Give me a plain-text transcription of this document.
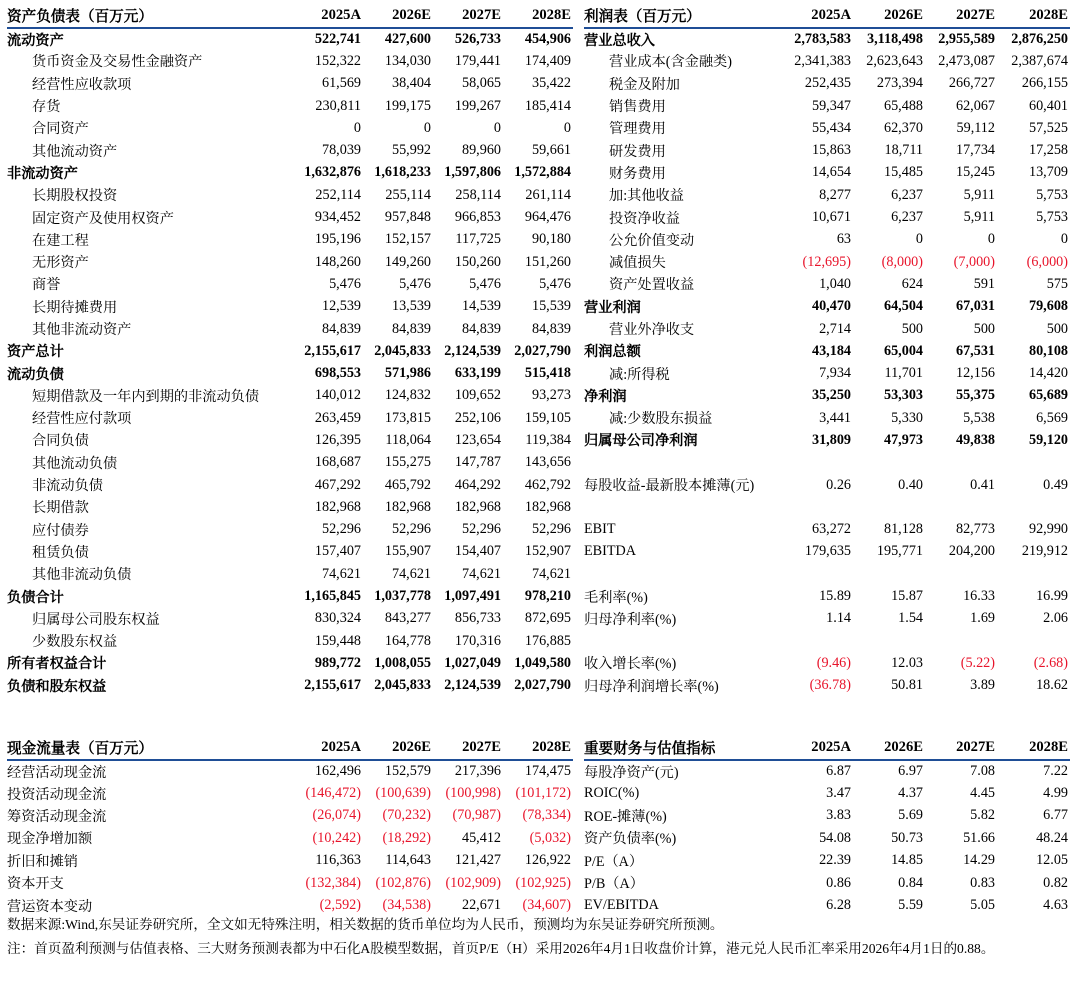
资产负债表（百万元）	2025A	2026E	2027E	2028E
流动资产	522,741	427,600	526,733	454,906
货币资金及交易性金融资产	152,322	134,030	179,441	174,409
经营性应收款项	61,569	38,404	58,065	35,422
存货	230,811	199,175	199,267	185,414
合同资产	0	0	0	0
其他流动资产	78,039	55,992	89,960	59,661
非流动资产	1,632,876	1,618,233	1,597,806	1,572,884
长期股权投资	252,114	255,114	258,114	261,114
固定资产及使用权资产	934,452	957,848	966,853	964,476
在建工程	195,196	152,157	117,725	90,180
无形资产	148,260	149,260	150,260	151,260
商誉	5,476	5,476	5,476	5,476
长期待摊费用	12,539	13,539	14,539	15,539
其他非流动资产	84,839	84,839	84,839	84,839
资产总计	2,155,617	2,045,833	2,124,539	2,027,790
流动负债	698,553	571,986	633,199	515,418
短期借款及一年内到期的非流动负债	140,012	124,832	109,652	93,273
经营性应付款项	263,459	173,815	252,106	159,105
合同负债	126,395	118,064	123,654	119,384
其他流动负债	168,687	155,275	147,787	143,656
非流动负债	467,292	465,792	464,292	462,792
长期借款	182,968	182,968	182,968	182,968
应付债券	52,296	52,296	52,296	52,296
租赁负债	157,407	155,907	154,407	152,907
其他非流动负债	74,621	74,621	74,621	74,621
负债合计	1,165,845	1,037,778	1,097,491	978,210
归属母公司股东权益	830,324	843,277	856,733	872,695
少数股东权益	159,448	164,778	170,316	176,885
所有者权益合计	989,772	1,008,055	1,027,049	1,049,580
负债和股东权益	2,155,617	2,045,833	2,124,539	2,027,790
利润表（百万元）	2025A	2026E	2027E	2028E
营业总收入	2,783,583	3,118,498	2,955,589	2,876,250
营业成本(含金融类)	2,341,383	2,623,643	2,473,087	2,387,674
税金及附加	252,435	273,394	266,727	266,155
销售费用	59,347	65,488	62,067	60,401
管理费用	55,434	62,370	59,112	57,525
研发费用	15,863	18,711	17,734	17,258
财务费用	14,654	15,485	15,245	13,709
加:其他收益	8,277	6,237	5,911	5,753
投资净收益	10,671	6,237	5,911	5,753
公允价值变动	63	0	0	0
减值损失	(12,695)	(8,000)	(7,000)	(6,000)
资产处置收益	1,040	624	591	575
营业利润	40,470	64,504	67,031	79,608
营业外净收支	2,714	500	500	500
利润总额	43,184	65,004	67,531	80,108
减:所得税	7,934	11,701	12,156	14,420
净利润	35,250	53,303	55,375	65,689
减:少数股东损益	3,441	5,330	5,538	6,569
归属母公司净利润	31,809	47,973	49,838	59,120

每股收益-最新股本摊薄(元)	0.26	0.40	0.41	0.49

EBIT	63,272	81,128	82,773	92,990
EBITDA	179,635	195,771	204,200	219,912

毛利率(%)	15.89	15.87	16.33	16.99
归母净利率(%)	1.14	1.54	1.69	2.06

收入增长率(%)	(9.46)	12.03	(5.22)	(2.68)
归母净利润增长率(%)	(36.78)	50.81	3.89	18.62
现金流量表（百万元）	2025A	2026E	2027E	2028E
经营活动现金流	162,496	152,579	217,396	174,475
投资活动现金流	(146,472)	(100,639)	(100,998)	(101,172)
筹资活动现金流	(26,074)	(70,232)	(70,987)	(78,334)
现金净增加额	(10,242)	(18,292)	45,412	(5,032)
折旧和摊销	116,363	114,643	121,427	126,922
资本开支	(132,384)	(102,876)	(102,909)	(102,925)
营运资本变动	(2,592)	(34,538)	22,671	(34,607)
重要财务与估值指标	2025A	2026E	2027E	2028E
每股净资产(元)	6.87	6.97	7.08	7.22
ROIC(%)	3.47	4.37	4.45	4.99
ROE-摊薄(%)	3.83	5.69	5.82	6.77
资产负债率(%)	54.08	50.73	51.66	48.24
P/E（A）	22.39	14.85	14.29	12.05
P/B（A）	0.86	0.84	0.83	0.82
EV/EBITDA	6.28	5.59	5.05	4.63
数据来源:Wind,东吴证券研究所，全文如无特殊注明，相关数据的货币单位均为人民币，预测均为东吴证券研究所预测。
注：首页盈利预测与估值表格、三大财务预测表都为中石化A股模型数据，首页P/E（H）采用2026年4月1日收盘价计算，港元兑人民币汇率采用2026年4月1日的0.88。
